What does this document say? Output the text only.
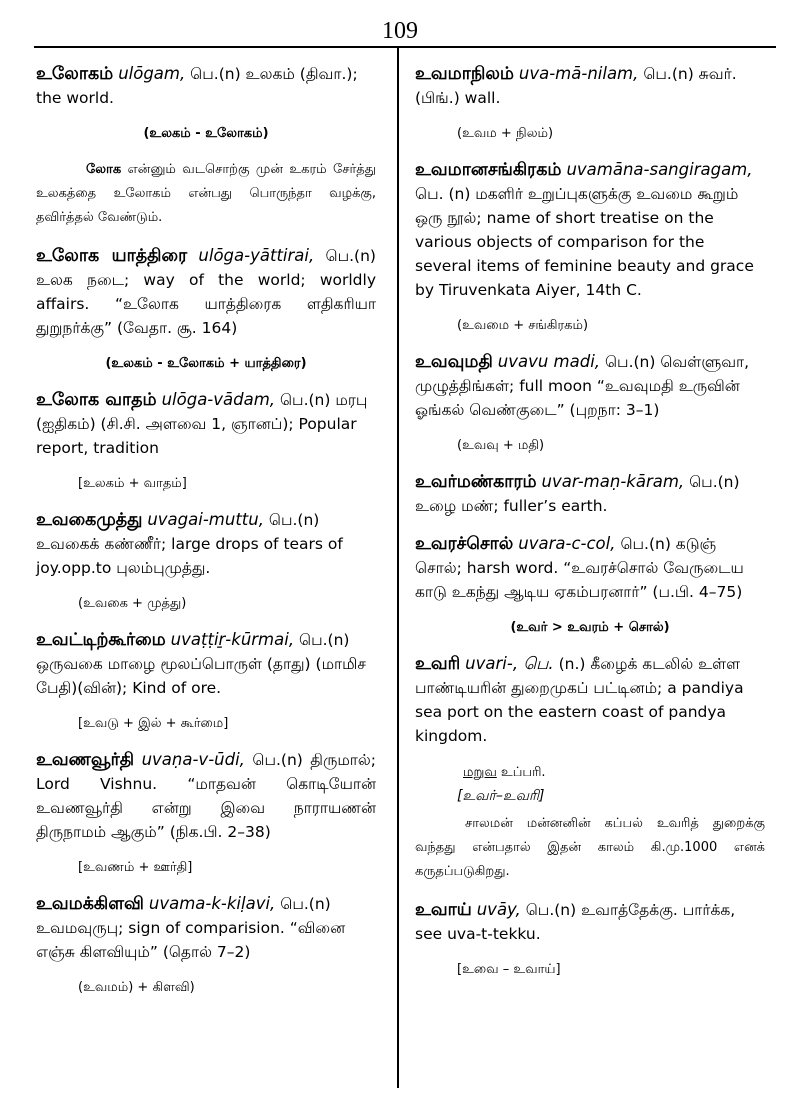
109
உலோகம் ulōgam, பெ.(n) உலகம் (திவா.); the world.
(உலகம் - உலோகம்)
லோக என்னும் வடசொற்கு முன் உகரம் சேர்த்து உலகத்தை உலோகம் என்பது பொருந்தா வழக்கு, தவிர்த்தல் வேண்டும்.
உலோக யாத்திரை ulōga-yāttirai, பெ.(n) உலக நடை; way of the world; worldly affairs. “உலோக யாத்திரைக ளதிகரியா துறுநர்க்கு” (வேதா. சூ. 164)
(உலகம் - உலோகம் + யாத்திரை)
உலோக வாதம் ulōga-vādam, பெ.(n) மரபு (ஐதிகம்) (சி.சி. அளவை 1, ஞானப்); Popular report, tradition
[உலகம் + வாதம்]
உவகைமுத்து uvagai-muttu, பெ.(n) உவகைக் கண்ணீர்; large drops of tears of joy.opp.to புலம்புமுத்து.
(உவகை + முத்து)
உவட்டிற்கூர்மை uvaṭṭiṟ-kūrmai, பெ.(n) ஒருவகை மாழை மூலப்பொருள் (தாது) (மாமிச பேதி)(வின்); Kind of ore.
[உவடு + இல் + கூர்மை]
உவணவூர்தி uvaṇa-v-ūdi, பெ.(n) திருமால்; Lord Vishnu. “மாதவன் கொடியோன் உவணவூர்தி என்று இவை நாராயணன் திருநாமம் ஆகும்” (நிக.பி. 2–38)
[உவணம் + ஊர்தி]
உவமக்கிளவி uvama-k-kiḷavi, பெ.(n) உவமவுருபு; sign of comparision. “வினை எஞ்சு கிளவியும்” (தொல் 7–2)
(உவமம்) + கிளவி)
உவமாநிலம் uva-mā-nilam, பெ.(n) சுவர்.(பிங்.) wall.
(உவம + நிலம்)
உவமானசங்கிரகம் uvamāna-sangiragam, பெ. (n) மகளிர் உறுப்புகளுக்கு உவமை கூறும் ஒரு நூல்; name of short treatise on the various objects of comparison for the several items of feminine beauty and grace by Tiruvenkata Aiyer, 14th C.
(உவமை + சங்கிரகம்)
உவவுமதி uvavu madi, பெ.(n) வெள்ளுவா, முழுத்திங்கள்; full moon “உவவுமதி உருவின் ஓங்கல் வெண்குடை” (புறநா: 3–1)
(உவவு + மதி)
உவர்மண்காரம் uvar-maṇ-kāram, பெ.(n) உழை மண்; fuller’s earth.
உவரச்சொல் uvara-c-col, பெ.(n) கடுஞ் சொல்; harsh word. “உவரச்சொல் வேருடைய காடு உகந்து ஆடிய ஏகம்பரனார்” (ப.பி. 4–75)
(உவர் > உவரம் + சொல்)
உவரி uvari-, பெ. (n.) கீழைக் கடலில் உள்ள பாண்டியரின் துறைமுகப் பட்டினம்; a pandiya sea port on the eastern coast of pandya kingdom.
மறுவ உப்பரி.
[உவர்–உவரி]
சாலமன் மன்னனின் கப்பல் உவரித் துறைக்கு வந்தது என்பதால் இதன் காலம் கி.மு.1000 எனக் கருதப்படுகிறது.
உவாய் uvāy, பெ.(n) உவாத்தேக்கு. பார்க்க, see uva-t-tekku.
[உவை – உவாய்]
